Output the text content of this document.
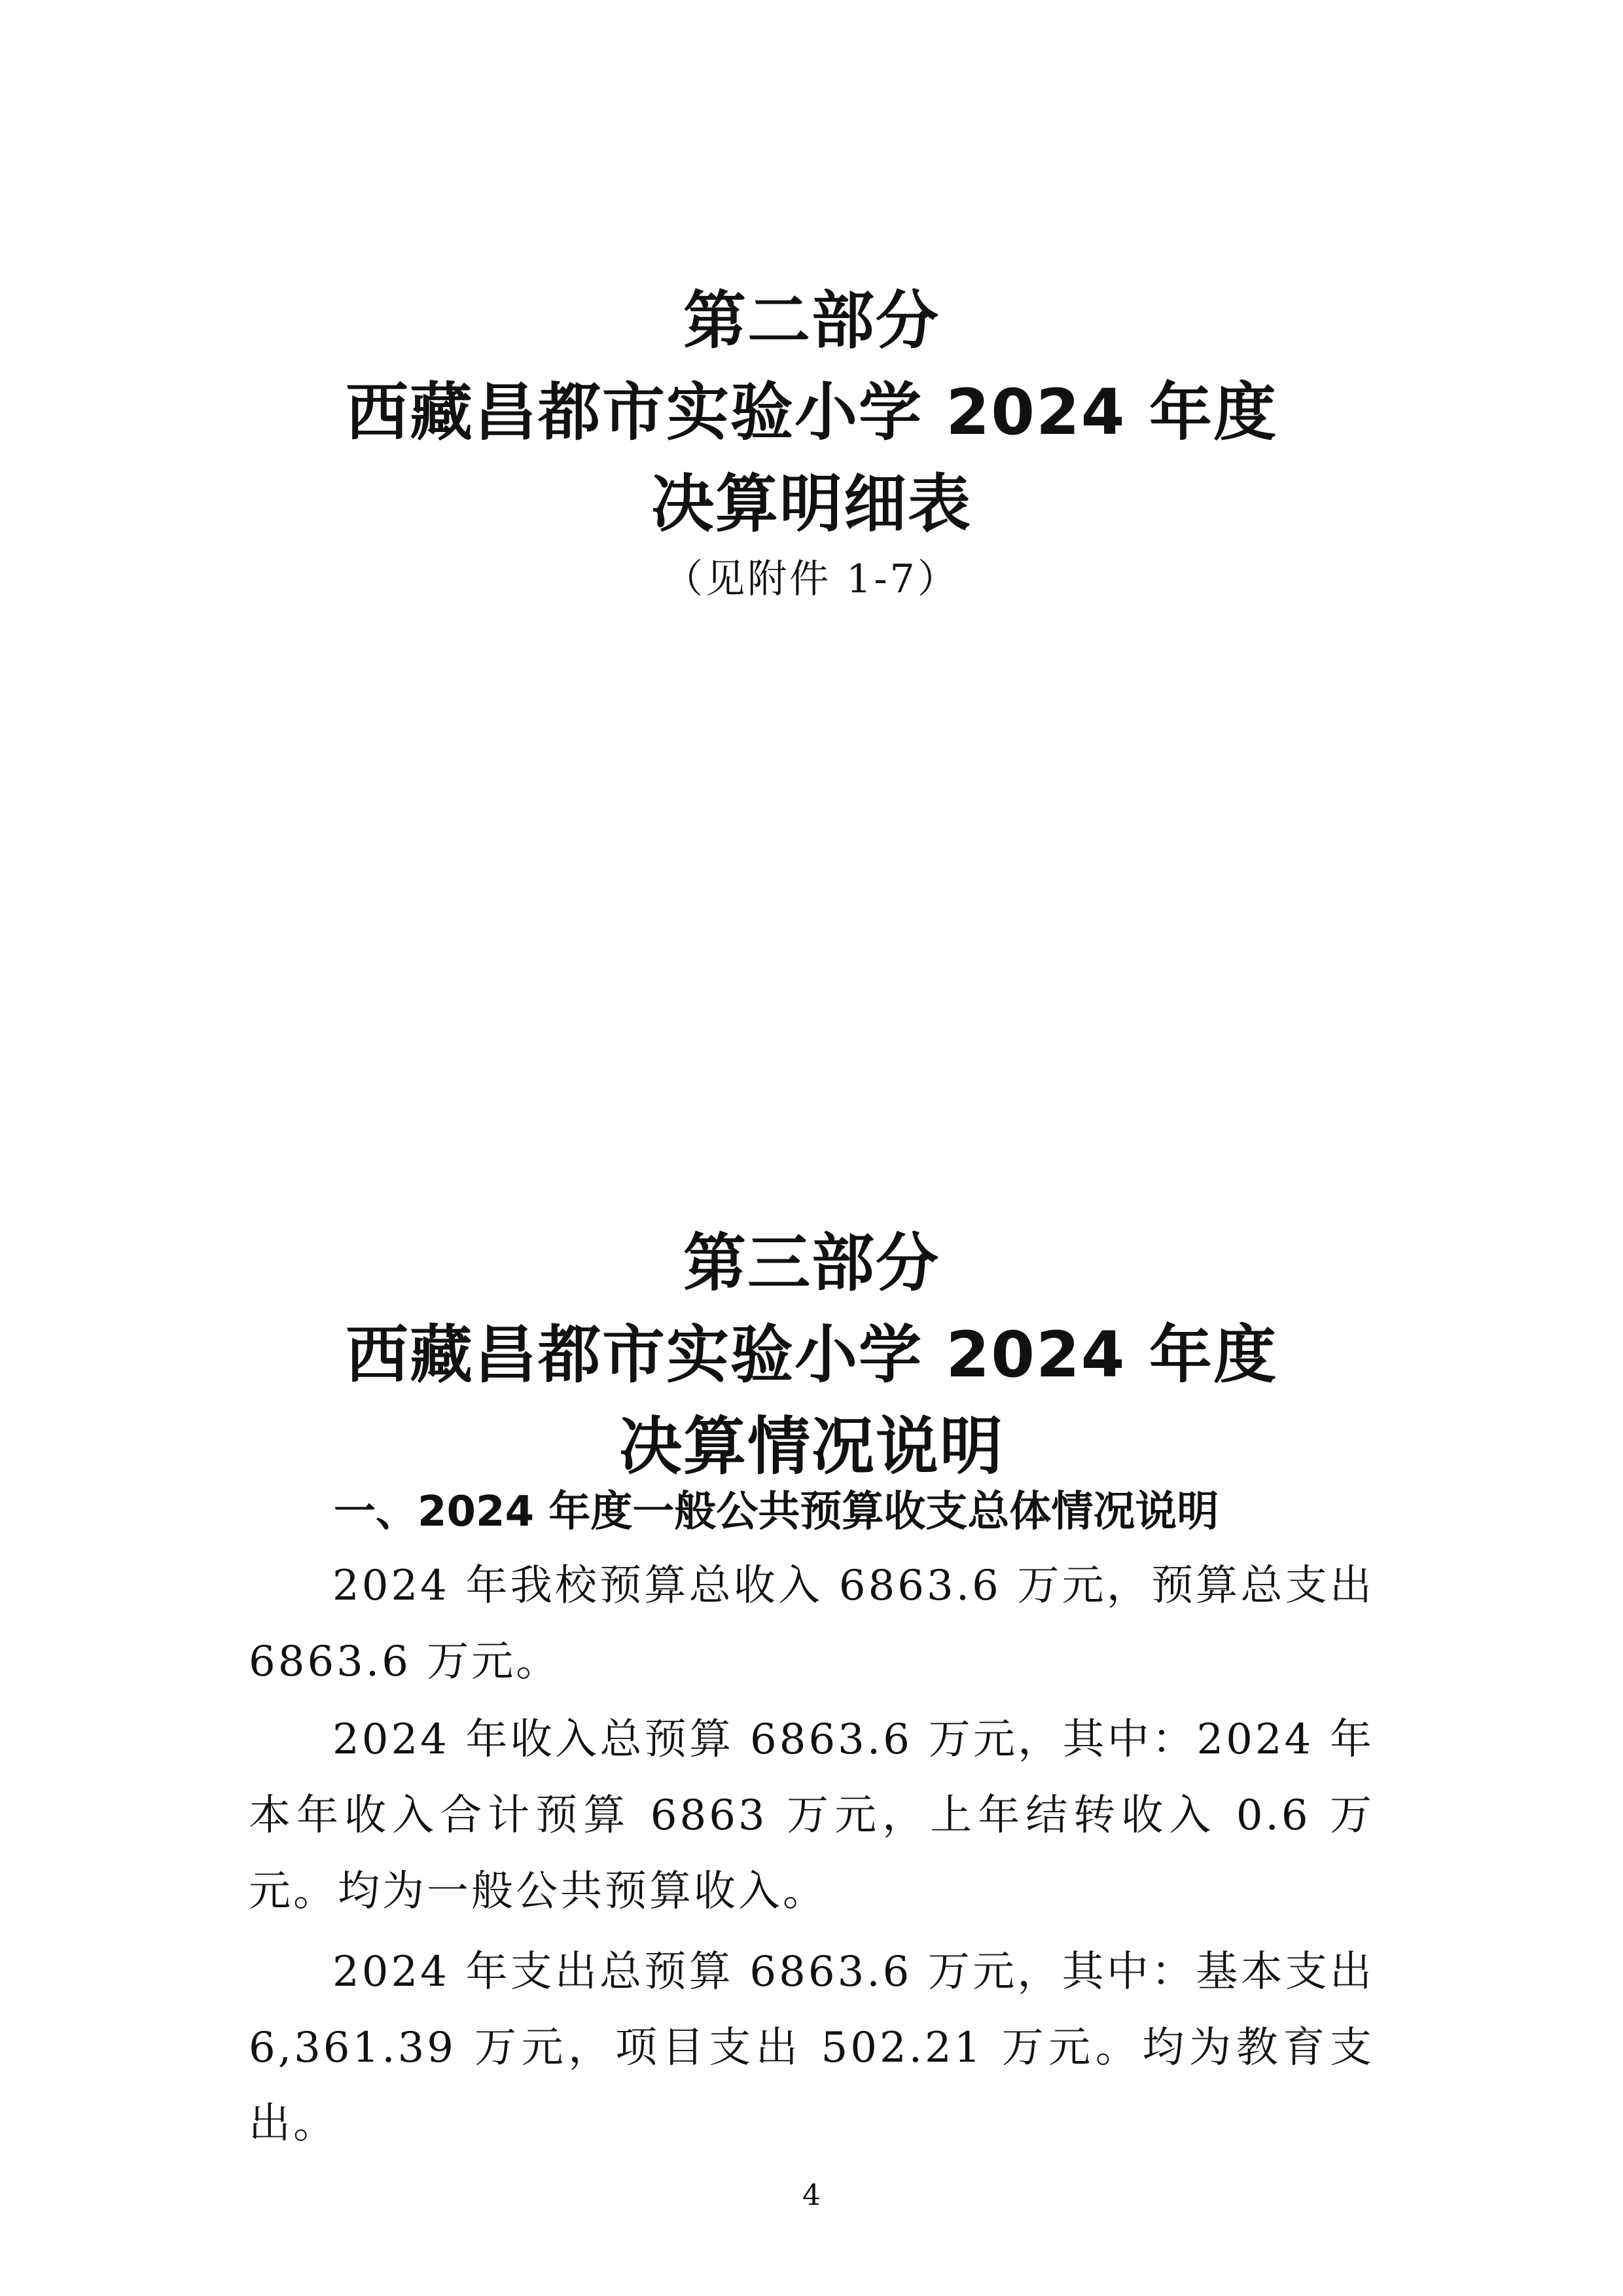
第二部分
西藏昌都市实验小学 2024 年度
决算明细表
（见附件 1-7）
第三部分
西藏昌都市实验小学 2024 年度
决算情况说明
一、2024 年度一般公共预算收支总体情况说明

2024 年我校预算总收入 6863.6 万元，预算总支出 6863.6 万元。

2024 年收入总预算 6863.6 万元，其中：2024 年本年收入合计预算 6863 万元，上年结转收入 0.6 万元。均为一般公共预算收入。

2024 年支出总预算 6863.6 万元，其中：基本支出 6,361.39 万元，项目支出 502.21 万元。均为教育支出。

4
